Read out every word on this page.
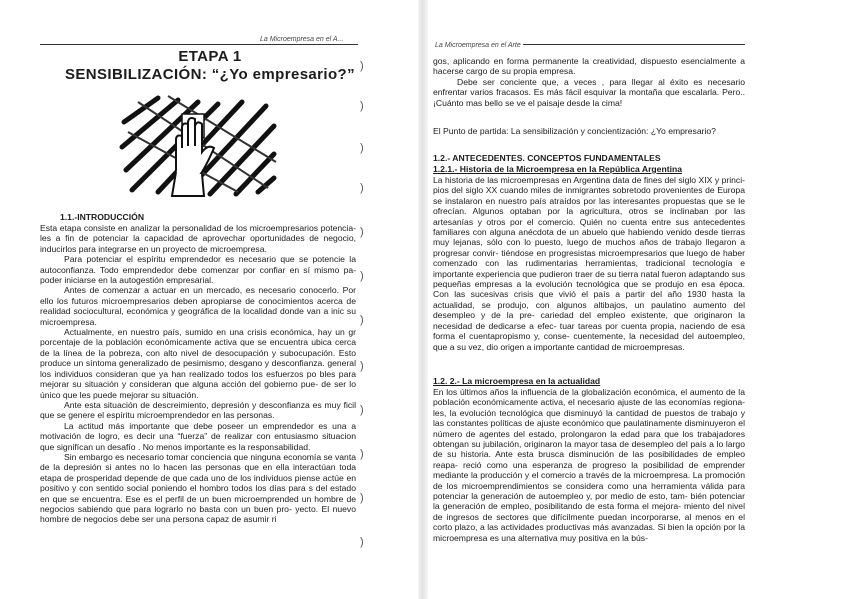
La Microempresa en el A...
ETAPA 1
SENSIBILIZACIÓN: “¿Yo empresario?”
1.1.-INTRODUCCIÓN

Esta etapa consiste en analizar la personalidad de los microempresarios potencia- les a fin de potenciar la capacidad de aprovechar oportunidades de negocio, inducirlos para integrarse en un proyecto de microempresa.

Para potenciar el espíritu emprendedor es necesario que se potencie la autoconfianza. Todo emprendedor debe comenzar por confiar en sí mismo pa- poder iniciarse en la autogestión empresarial.

Antes de comenzar a actuar en un mercado, es necesario conocerlo. Por ello los futuros microempresarios deben apropiarse de conocimientos acerca de realidad sociocultural, económica y geográfica de la localidad donde van a inic su microempresa.

Actualmente, en nuestro país, sumido en una crisis económica, hay un gr porcentaje de la población económicamente activa que se encuentra ubica cerca de la línea de la pobreza, con alto nivel de desocupación y subocupación. Esto produce un síntoma generalizado de pesimismo, desgano y desconfianza. general los individuos consideran que ya han realizado todos los esfuerzos po bles para mejorar su situación y consideran que alguna acción del gobierno pue- de ser lo único que les puede mejorar su situación.

Ante esta situación de descreimiento, depresión y desconfianza es muy ficil que se genere el espíritu microemprendedor en las personas.

La actitud más importante que debe poseer un emprendedor es una a motivación de logro, es decir una “fuerza” de realizar con entusiasmo situacion que signifícan un desafío . No menos importante es la responsabilidad.

Sin embargo es necesario tomar conciencia que ninguna economía se vanta de la depresión si antes no lo hacen las personas que en ella interactúan toda etapa de prosperidad depende de que cada uno de los individuos piense actúe en positivo y con sentido social poniendo el hombro todos los días para s del estado en que se encuentra. Ese es el perfil de un buen microemprended un hombre de negocios sabiendo que para lograrlo no basta con un buen pro- yecto. El nuevo hombre de negocios debe ser una persona capaz de asumir ri

)
)
)
)
)
)
)
)
)
)
)
)
La Microempresa en el Arte

gos, aplicando en forma permanente la creatividad, dispuesto esencialmente a hacerse cargo de su propia empresa.

Debe ser conciente que, a veces , para llegar al éxito es necesario enfrentar varios fracasos. Es más fácil esquivar la montaña que escalarla. Pero.. ¡Cuánto mas bello se ve el paisaje desde la cima!

El Punto de partida: La sensibilización y concientización: ¿Yo empresario?
1.2.- ANTECEDENTES. CONCEPTOS FUNDAMENTALES
1.2.1.- Historia de la Microempresa en la República Argentina
La historia de las microempresas en Argentina data de fines del siglo XIX y princi- pios del siglo XX cuando miles de inmigrantes sobretodo provenientes de Europa se instalaron en nuestro país atraídos por las interesantes propuestas que se le ofrecían. Algunos optaban por la agricultura, otros se inclinaban por las artesanías y otros por el comercio. Quién no cuenta entre sus antecedentes familiares con alguna anécdota de un abuelo que habiendo venido desde tierras muy lejanas, sólo con lo puesto, luego de muchos años de trabajo llegaron a progresar convir- tiéndose en progresistas microempresarios que luego de haber comenzado con las rudimentarias herramientas, tradicional tecnología e importante experiencia que pudieron traer de su tierra natal fueron adaptando sus pequeñas empresas a la evolución tecnológica que se produjo en esa época. Con las sucesivas crisis que vivió el país a partir del año 1930 hasta la actualidad, se produjo, con algunos altibajos, un paulatino aumento del desempleo y de la pre- cariedad del empleo existente, que originaron la necesidad de dedicarse a efec- tuar tareas por cuenta propia, naciendo de esa forma el cuentapropismo y, conse- cuentemente, la necesidad del autoempleo, que a su vez, dio origen a importante cantidad de microempresas.
1.2. 2.- La microempresa en la actualidad
En los últimos años la influencia de la globalización económica, el aumento de la población económicamente activa, el necesario ajuste de las economías regiona- les, la evolución tecnológica que disminuyó la cantidad de puestos de trabajo y las constantes políticas de ajuste económico que paulatinamente disminuyeron el número de agentes del estado, prolongaron la edad para que los trabajadores obtengan su jubilación, originaron la mayor tasa de desempleo del país a lo largo de su historia. Ante esta brusca disminución de las posibilidades de empleo reapa- reció como una esperanza de progreso la posibilidad de emprender mediante la producción y el comercio a través de la microempresa. La promoción de los microemprendimientos se considera como una herramienta válida para potenciar la generación de autoempleo y, por medio de esto, tam- bién potenciar la generación de empleo, posibilitando de esta forma el mejora- miento del nivel de ingresos de sectores que difícilmente puedan incorporarse, al menos en el corto plazo, a las actividades productivas más avanzadas. Si bien la opción por la microempresa es una alternativa muy positiva en la bús-
